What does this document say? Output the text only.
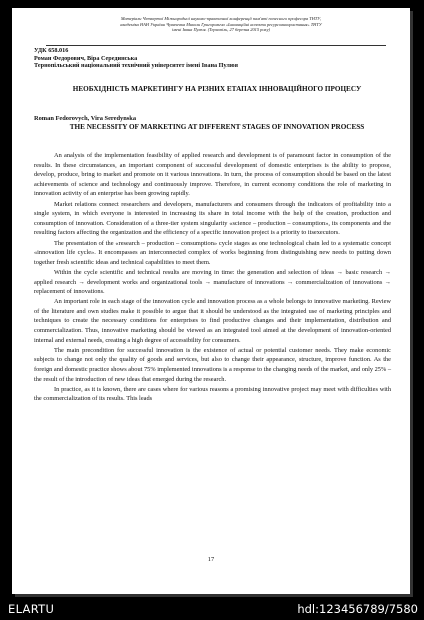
Матеріали Четвертої Міжнародної науково-практичної конференції пам'яті почесного професора ТНТУ,
академіка НАН України Чувачевка Миколи Григоровича «Інноваційні аспекти ресурсовикористання» ТНТУ
імені Івана Пулюя. (Тернопіль, 27 березня 2015 року)
УДК 658.016
Роман Федорович, Віра Серединська
Тернопільський національний технічний університет імені Івана Пулюя
НЕОБХІДНІСТЬ МАРКЕТИНГУ НА РІЗНИХ ЕТАПАХ ІННОВАЦІЙНОГО ПРОЦЕСУ
Roman Fedorovych, Vira Seredynska
THE NECESSITY OF MARKETING AT DIFFERENT STAGES OF INNOVATION PROCESS

An analysis of the implementation feasibility of applied research and development is of paramount factor in consumption of the results. In these circumstances, an important component of successful development of domestic enterprises is the ability to propose, develop, produce, bring to market and promote on it various innovations. In turn, the process of consumption should be based on the latest achievements of science and technology and continuously improve. Therefore, in current economy conditions the role of marketing in innovation activity of an enterprise has been growing rapidly.

Market relations connect researchers and developers, manufacturers and consumers through the indicators of profitability into a single system, in which everyone is interested in increasing its share in total income with the help of the creation, production and consumption of innovation. Consideration of a three-tier system singularity «science – production – consumption», its components and the resulting factors affecting the organization and the efficiency of a specific innovation project is a priority to itsexecutors.

The presentation of the «research – production – consumption» cycle stages as one technological chain led to a systematic concept «innovation life cycle». It encompasses an interconnected complex of works beginning from distinguishing new needs to putting down together fresh scientific ideas and technical capabilities to meet them.

Within the cycle scientific and technical results are moving in time: the generation and selection of ideas → basic research → applied research → development works and organizational tools → manufacture of innovations → commercialization of innovations → replacement of innovations.

An important role in each stage of the innovation cycle and innovation process as a whole belongs to innovative marketing. Review of the literature and own studies make it possible to argue that it should be understood as the integrated use of marketing principles and techniques to create the necessary conditions for enterprises to find productive changes and their implementation, distribution and commercialization. Thus, innovative marketing should be viewed as an integrated tool aimed at the development of innovation-oriented internal and external needs, creating a high degree of accessibility for consumers.

The main precondition for successful innovation is the existence of actual or potential customer needs. They make economic subjects to change not only the quality of goods and services, but also to change their appearance, structure, improve function. As the foreign and domestic practice shows about 75% implemented innovations is a response to the changing needs of the market, and only 25% – the result of the introduction of new ideas that emerged during the research.

In practice, as it is known, there are cases where for various reasons a promising innovative project may meet with difficulties with the commercialization of its results. This leads

17
ELARTU	hdl:123456789/7580
